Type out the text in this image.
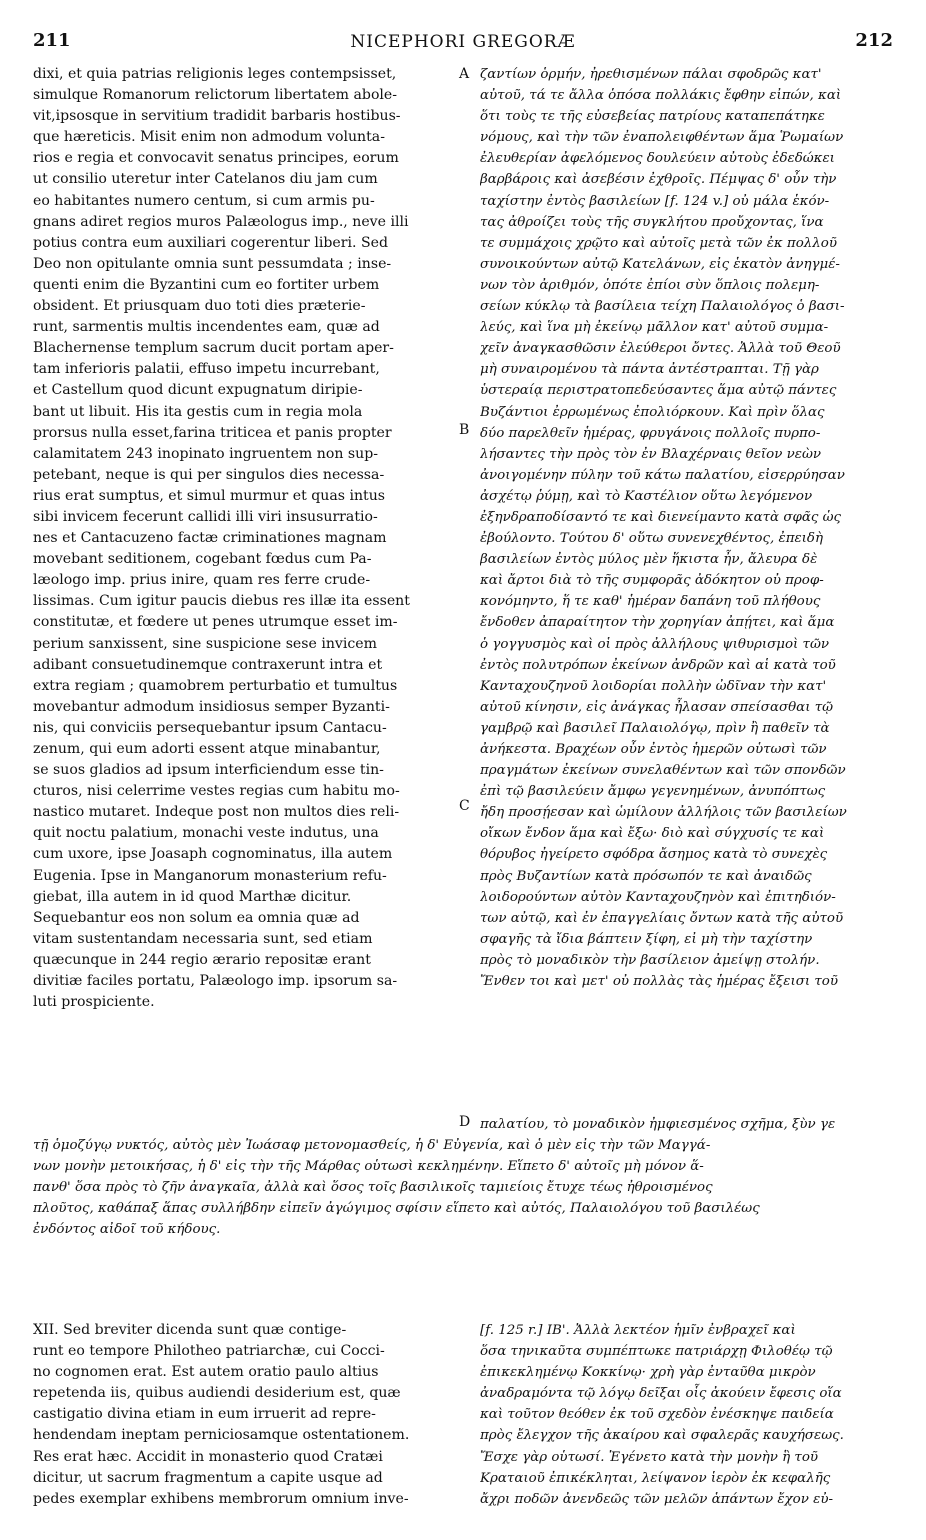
211	NICEPHORI GREGORÆ	212
dixi, et quia patrias religionis leges contempsisset,
simulque Romanorum relictorum libertatem abole-
vit,ipsosque in servitium tradidit barbaris hostibus-
que hæreticis. Misit enim non admodum volunta-
rios e regia et convocavit senatus principes, eorum
ut consilio uteretur inter Catelanos diu jam cum
eo habitantes numero centum, si cum armis pu-
gnans adiret regios muros Palæologus imp., neve illi
potius contra eum auxiliari cogerentur liberi. Sed
Deo non opitulante omnia sunt pessumdata ; inse-
quenti enim die Byzantini cum eo fortiter urbem
obsident. Et priusquam duo toti dies præterie-
runt, sarmentis multis incendentes eam, quæ ad
Blachernense templum sacrum ducit portam aper-
tam inferioris palatii, effuso impetu incurrebant,
et Castellum quod dicunt expugnatum diripie-
bant ut libuit. His ita gestis cum in regia mola
prorsus nulla esset,farina triticea et panis propter
calamitatem 243 inopinato ingruentem non sup-
petebant, neque is qui per singulos dies necessa-
rius erat sumptus, et simul murmur et quas intus
sibi invicem fecerunt callidi illi viri insusurratio-
nes et Cantacuzeno factæ criminationes magnam
movebant seditionem, cogebant fœdus cum Pa-
læologo imp. prius inire, quam res ferre crude-
lissimas. Cum igitur paucis diebus res illæ ita essent
constitutæ, et fœdere ut penes utrumque esset im-
perium sanxissent, sine suspicione sese invicem
adibant consuetudinemque contraxerunt intra et
extra regiam ; quamobrem perturbatio et tumultus
movebantur admodum insidiosus semper Byzanti-
nis, qui conviciis persequebantur ipsum Cantacu-
zenum, qui eum adorti essent atque minabantur,
se suos gladios ad ipsum interficiendum esse tin-
cturos, nisi celerrime vestes regias cum habitu mo-
nastico mutaret. Indeque post non multos dies reli-
quit noctu palatium, monachi veste indutus, una
cum uxore, ipse Joasaph cognominatus, illa autem
Eugenia. Ipse in Manganorum monasterium refu-
giebat, illa autem in id quod Marthæ dicitur.
Sequebantur eos non solum ea omnia quæ ad
vitam sustentandam necessaria sunt, sed etiam
quæcunque in 244 regio ærario repositæ erant
divitiæ faciles portatu, Palæologo imp. ipsorum sa-
luti prospiciente.
ζαντίων ὁρμήν, ἠρεθισμένων πάλαι σφοδρῶς κατ'
αὐτοῦ, τά τε ἄλλα ὁπόσα πολλάκις ἔφθην εἰπών, καὶ
ὅτι τοὺς τε τῆς εὐσεβείας πατρίους καταπεπάτηκε
νόμους, καὶ τὴν τῶν ἐναπολειφθέντων ἅμα Ῥωμαίων
ἐλευθερίαν ἀφελόμενος δουλεύειν αὐτοὺς ἐδεδώκει
βαρβάροις καὶ ἀσεβέσιν ἐχθροῖς. Πέμψας δ' οὖν τὴν
ταχίστην ἐντὸς βασιλείων [f. 124 v.] οὐ μάλα ἑκόν-
τας ἀθροίζει τοὺς τῆς συγκλήτου προὔχοντας, ἵνα
τε συμμάχοις χρῷτο καὶ αὐτοῖς μετὰ τῶν ἐκ πολλοῦ
συνοικούντων αὐτῷ Κατελάνων, εἰς ἑκατὸν ἀνηγμέ-
νων τὸν ἀριθμόν, ὁπότε ἐπίοι σὺν ὅπλοις πολεμη-
σείων κύκλῳ τὰ βασίλεια τείχη Παλαιολόγος ὁ βασι-
λεύς, καὶ ἵνα μὴ ἐκείνῳ μᾶλλον κατ' αὐτοῦ συμμα-
χεῖν ἀναγκασθῶσιν ἐλεύθεροι ὄντες. Ἀλλὰ τοῦ Θεοῦ
μὴ συναιρομένου τὰ πάντα ἀντέστραπται. Τῇ γὰρ
ὑστεραίᾳ περιστρατοπεδεύσαντες ἅμα αὐτῷ πάντες
Βυζάντιοι ἐρρωμένως ἐπολιόρκουν. Καὶ πρὶν ὅλας
δύο παρελθεῖν ἡμέρας, φρυγάνοις πολλοῖς πυρπο-
λήσαντες τὴν πρὸς τὸν ἐν Βλαχέρναις θεῖον νεὼν
ἀνοιγομένην πύλην τοῦ κάτω παλατίου, εἰσερρύησαν
ἀσχέτῳ ῥύμῃ, καὶ τὸ Καστέλιον οὕτω λεγόμενον
ἐξηνδραποδίσαντό τε καὶ διενείμαντο κατὰ σφᾶς ὡς
ἐβούλοντο. Τούτου δ' οὕτω συνενεχθέντος, ἐπειδὴ
βασιλείων ἐντὸς μύλος μὲν ἥκιστα ἦν, ἄλευρα δὲ
καὶ ἄρτοι διὰ τὸ τῆς συμφορᾶς ἀδόκητον οὐ προφ-
κονόμηντο, ἥ τε καθ' ἡμέραν δαπάνη τοῦ πλήθους
ἔνδοθεν ἀπαραίτητον τὴν χορηγίαν ἀπῄτει, καὶ ἅμα
ὁ γογγυσμὸς καὶ οἱ πρὸς ἀλλήλους ψιθυρισμοὶ τῶν
ἐντὸς πολυτρόπων ἐκείνων ἀνδρῶν καὶ αἱ κατὰ τοῦ
Κανταχουζηνοῦ λοιδορίαι πολλὴν ὠδῖναν τὴν κατ'
αὐτοῦ κίνησιν, εἰς ἀνάγκας ἦλασαν σπείσασθαι τῷ
γαμβρῷ καὶ βασιλεῖ Παλαιολόγῳ, πρὶν ἢ παθεῖν τὰ
ἀνήκεστα. Βραχέων οὖν ἐντὸς ἡμερῶν οὑτωσὶ τῶν
πραγμάτων ἐκείνων συνελαθέντων καὶ τῶν σπονδῶν
ἐπὶ τῷ βασιλεύειν ἄμφω γεγενημένων, ἀνυπόπτως
ἤδη προσῄεσαν καὶ ὡμίλουν ἀλλήλοις τῶν βασιλείων
οἴκων ἔνδον ἅμα καὶ ἔξω· διὸ καὶ σύγχυσίς τε καὶ
θόρυβος ἠγείρετο σφόδρα ἄσημος κατὰ τὸ συνεχὲς
πρὸς Βυζαντίων κατὰ πρόσωπόν τε καὶ ἀναιδῶς
λοιδορούντων αὐτὸν Κανταχουζηνὸν καὶ ἐπιτηδιόν-
των αὐτῷ, καὶ ἐν ἐπαγγελίαις ὄντων κατὰ τῆς αὐτοῦ
σφαγῆς τὰ ἴδια βάπτειν ξίφη, εἰ μὴ τὴν ταχίστην
πρὸς τὸ μοναδικὸν τὴν βασίλειον ἀμείψῃ στολήν.
Ἔνθεν τοι καὶ μετ' οὐ πολλὰς τὰς ἡμέρας ἔξεισι τοῦ
A
B
C
D παλατίου, τὸ μοναδικὸν ἠμφιεσμένος σχῆμα, ξὺν γε
τῇ ὁμοζύγῳ νυκτός, αὐτὸς μὲν Ἰωάσαφ μετονομασθείς, ἡ δ' Εὐγενία, καὶ ὁ μὲν εἰς τὴν τῶν Μαγγά-
νων μονὴν μετοικήσας, ἡ δ' εἰς τὴν τῆς Μάρθας οὑτωσὶ κεκλημένην. Εἵπετο δ' αὐτοῖς μὴ μόνον ἅ-
πανθ' ὅσα πρὸς τὸ ζῆν ἀναγκαῖα, ἀλλὰ καὶ ὅσος τοῖς βασιλικοῖς ταμιείοις ἔτυχε τέως ἠθροισμένος
πλοῦτος, καθάπαξ ἅπας συλλήβδην εἰπεῖν ἀγώγιμος σφίσιν εἵπετο καὶ αὐτός, Παλαιολόγου τοῦ βασιλέως
ἐνδόντος αἰδοῖ τοῦ κήδους.
XII. Sed breviter dicenda sunt quæ contige-
runt eo tempore Philotheo patriarchæ, cui Cocci-
no cognomen erat. Est autem oratio paulo altius
repetenda iis, quibus audiendi desiderium est, quæ
castigatio divina etiam in eum irruerit ad repre-
hendendam ineptam perniciosamque ostentationem.
Res erat hæc. Accidit in monasterio quod Cratæi
dicitur, ut sacrum fragmentum a capite usque ad
pedes exemplar exhibens membrorum omnium inve-
[f. 125 r.] ΙΒ'. Ἀλλὰ λεκτέον ἡμῖν ἐνβραχεῖ καὶ
ὅσα τηνικαῦτα συμπέπτωκε πατριάρχῃ Φιλοθέῳ τῷ
ἐπικεκλημένῳ Κοκκίνῳ· χρὴ γὰρ ἐνταῦθα μικρὸν
ἀναδραμόντα τῷ λόγῳ δεῖξαι οἷς ἀκούειν ἔφεσις οἵα
καὶ τοῦτον θεόθεν ἐκ τοῦ σχεδὸν ἐνέσκηψε παιδεία
πρὸς ἔλεγχον τῆς ἀκαίρου καὶ σφαλερᾶς καυχήσεως.
Ἔσχε γὰρ οὑτωσί. Ἐγένετο κατὰ τὴν μονὴν ἣ τοῦ
Κραταιοῦ ἐπικέκληται, λείψανον ἱερὸν ἐκ κεφαλῆς
ἄχρι ποδῶν ἀνενδεῶς τῶν μελῶν ἁπάντων ἔχον εὐ-
